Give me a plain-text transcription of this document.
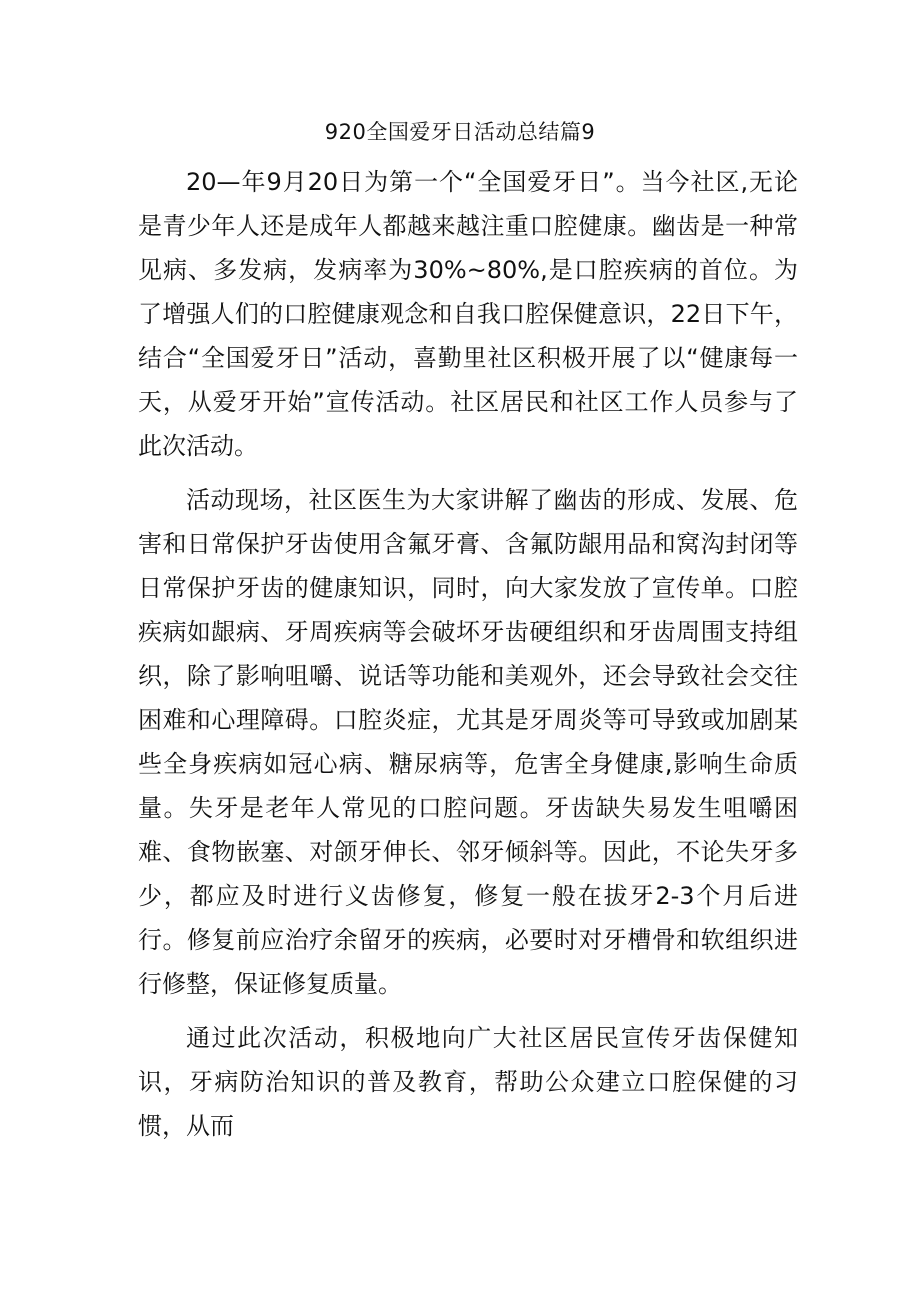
920全国爱牙日活动总结篇9

20—年9月20日为第一个“全国爱牙日”。当今社区,无论是青少年人还是成年人都越来越注重口腔健康。幽齿是一种常见病、多发病，发病率为30%~80%,是口腔疾病的首位。为了增强人们的口腔健康观念和自我口腔保健意识，22日下午，结合“全国爱牙日”活动，喜勤里社区积极开展了以“健康每一天，从爱牙开始”宣传活动。社区居民和社区工作人员参与了此次活动。

活动现场，社区医生为大家讲解了幽齿的形成、发展、危害和日常保护牙齿使用含氟牙膏、含氟防龈用品和窝沟封闭等日常保护牙齿的健康知识，同时，向大家发放了宣传单。口腔疾病如龈病、牙周疾病等会破坏牙齿硬组织和牙齿周围支持组织，除了影响咀嚼、说话等功能和美观外，还会导致社会交往困难和心理障碍。口腔炎症，尤其是牙周炎等可导致或加剧某些全身疾病如冠心病、糖尿病等，危害全身健康,影响生命质量。失牙是老年人常见的口腔问题。牙齿缺失易发生咀嚼困难、食物嵌塞、对颌牙伸长、邻牙倾斜等。因此，不论失牙多少，都应及时进行义齿修复，修复一般在拔牙2-3个月后进行。修复前应治疗余留牙的疾病，必要时对牙槽骨和软组织进行修整，保证修复质量。

通过此次活动，积极地向广大社区居民宣传牙齿保健知识，牙病防治知识的普及教育，帮助公众建立口腔保健的习惯，从而
